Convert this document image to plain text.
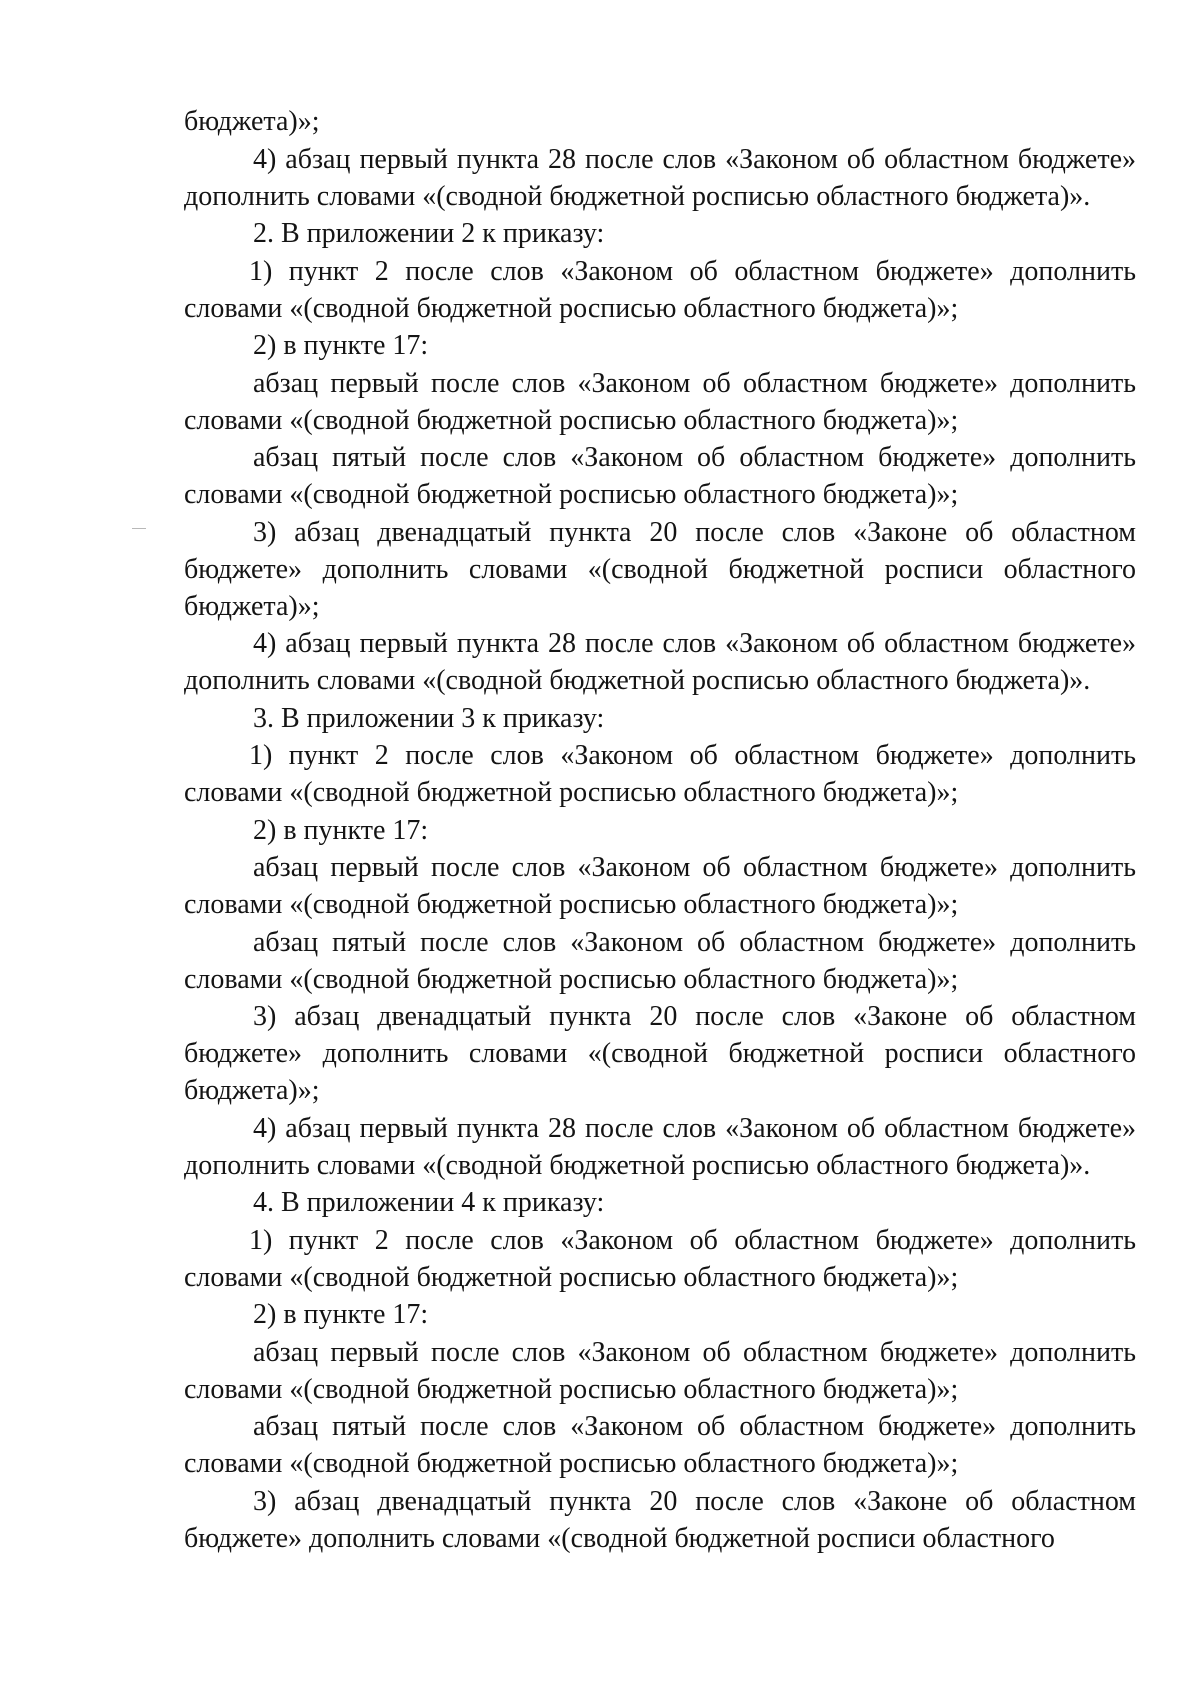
бюджета)»;

4) абзац первый пункта 28 после слов «Законом об областном бюджете» дополнить словами «(сводной бюджетной росписью областного бюджета)».

2. В приложении 2 к приказу:

1) пункт 2 после слов «Законом об областном бюджете» дополнить словами «(сводной бюджетной росписью областного бюджета)»;

2) в пункте 17:

абзац первый после слов «Законом об областном бюджете» дополнить словами «(сводной бюджетной росписью областного бюджета)»;

абзац пятый после слов «Законом об областном бюджете» дополнить словами «(сводной бюджетной росписью областного бюджета)»;

3) абзац двенадцатый пункта 20 после слов «Законе об областном бюджете» дополнить словами «(сводной бюджетной росписи областного бюджета)»;

4) абзац первый пункта 28 после слов «Законом об областном бюджете» дополнить словами «(сводной бюджетной росписью областного бюджета)».

3. В приложении 3 к приказу:

1) пункт 2 после слов «Законом об областном бюджете» дополнить словами «(сводной бюджетной росписью областного бюджета)»;

2) в пункте 17:

абзац первый после слов «Законом об областном бюджете» дополнить словами «(сводной бюджетной росписью областного бюджета)»;

абзац пятый после слов «Законом об областном бюджете» дополнить словами «(сводной бюджетной росписью областного бюджета)»;

3) абзац двенадцатый пункта 20 после слов «Законе об областном бюджете» дополнить словами «(сводной бюджетной росписи областного бюджета)»;

4) абзац первый пункта 28 после слов «Законом об областном бюджете» дополнить словами «(сводной бюджетной росписью областного бюджета)».

4. В приложении 4 к приказу:

1) пункт 2 после слов «Законом об областном бюджете» дополнить словами «(сводной бюджетной росписью областного бюджета)»;

2) в пункте 17:

абзац первый после слов «Законом об областном бюджете» дополнить словами «(сводной бюджетной росписью областного бюджета)»;

абзац пятый после слов «Законом об областном бюджете» дополнить словами «(сводной бюджетной росписью областного бюджета)»;

3) абзац двенадцатый пункта 20 после слов «Законе об областном бюджете» дополнить словами «(сводной бюджетной росписи областного
